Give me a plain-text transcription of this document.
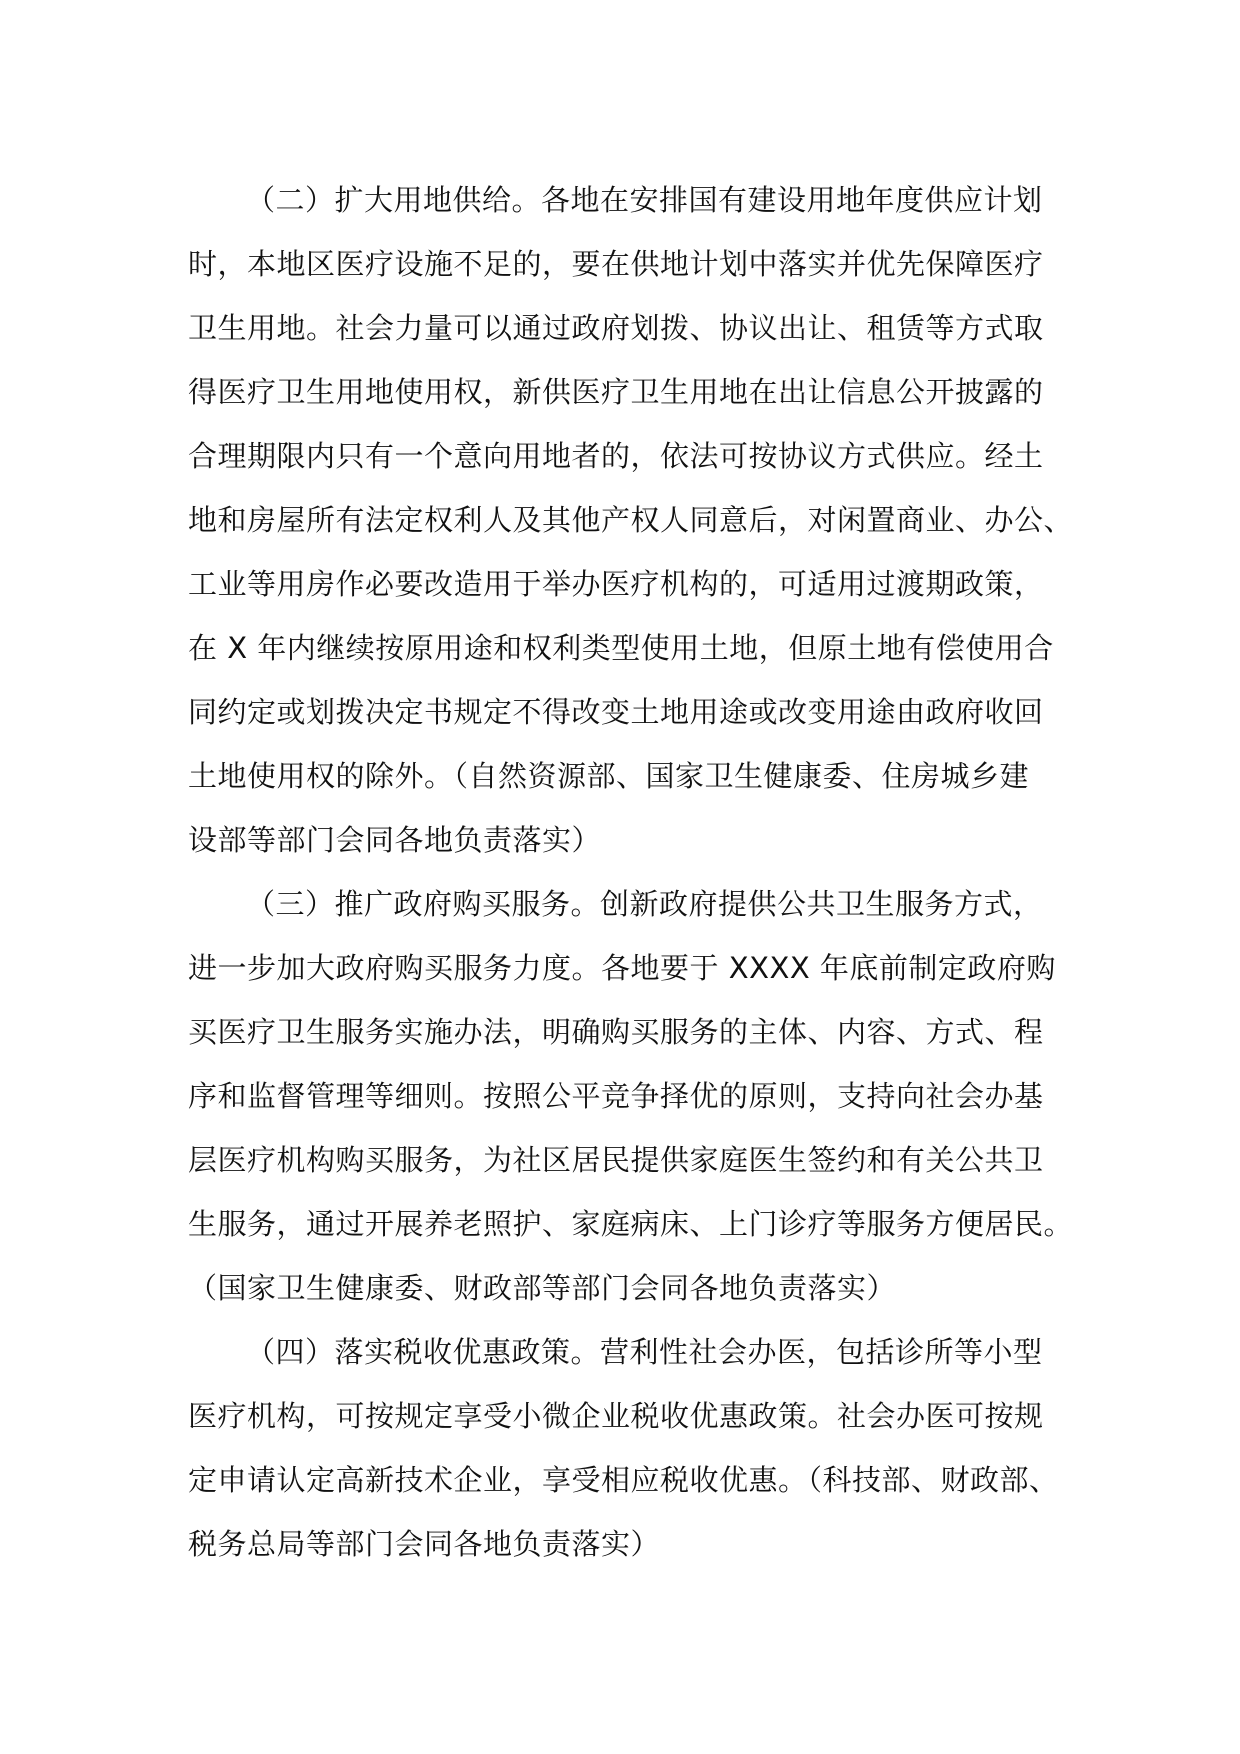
（二）扩大用地供给。各地在安排国有建设用地年度供应计划
时，本地区医疗设施不足的，要在供地计划中落实并优先保障医疗
卫生用地。社会力量可以通过政府划拨、协议出让、租赁等方式取
得医疗卫生用地使用权，新供医疗卫生用地在出让信息公开披露的
合理期限内只有一个意向用地者的，依法可按协议方式供应。经土
地和房屋所有法定权利人及其他产权人同意后，对闲置商业、办公、
工业等用房作必要改造用于举办医疗机构的，可适用过渡期政策，
在 X 年内继续按原用途和权利类型使用土地，但原土地有偿使用合
同约定或划拨决定书规定不得改变土地用途或改变用途由政府收回
土地使用权的除外。（自然资源部、国家卫生健康委、住房城乡建
设部等部门会同各地负责落实）
（三）推广政府购买服务。创新政府提供公共卫生服务方式，
进一步加大政府购买服务力度。各地要于 XXXX 年底前制定政府购
买医疗卫生服务实施办法，明确购买服务的主体、内容、方式、程
序和监督管理等细则。按照公平竞争择优的原则，支持向社会办基
层医疗机构购买服务，为社区居民提供家庭医生签约和有关公共卫
生服务，通过开展养老照护、家庭病床、上门诊疗等服务方便居民。
（国家卫生健康委、财政部等部门会同各地负责落实）
（四）落实税收优惠政策。营利性社会办医，包括诊所等小型
医疗机构，可按规定享受小微企业税收优惠政策。社会办医可按规
定申请认定高新技术企业，享受相应税收优惠。（科技部、财政部、
税务总局等部门会同各地负责落实）
